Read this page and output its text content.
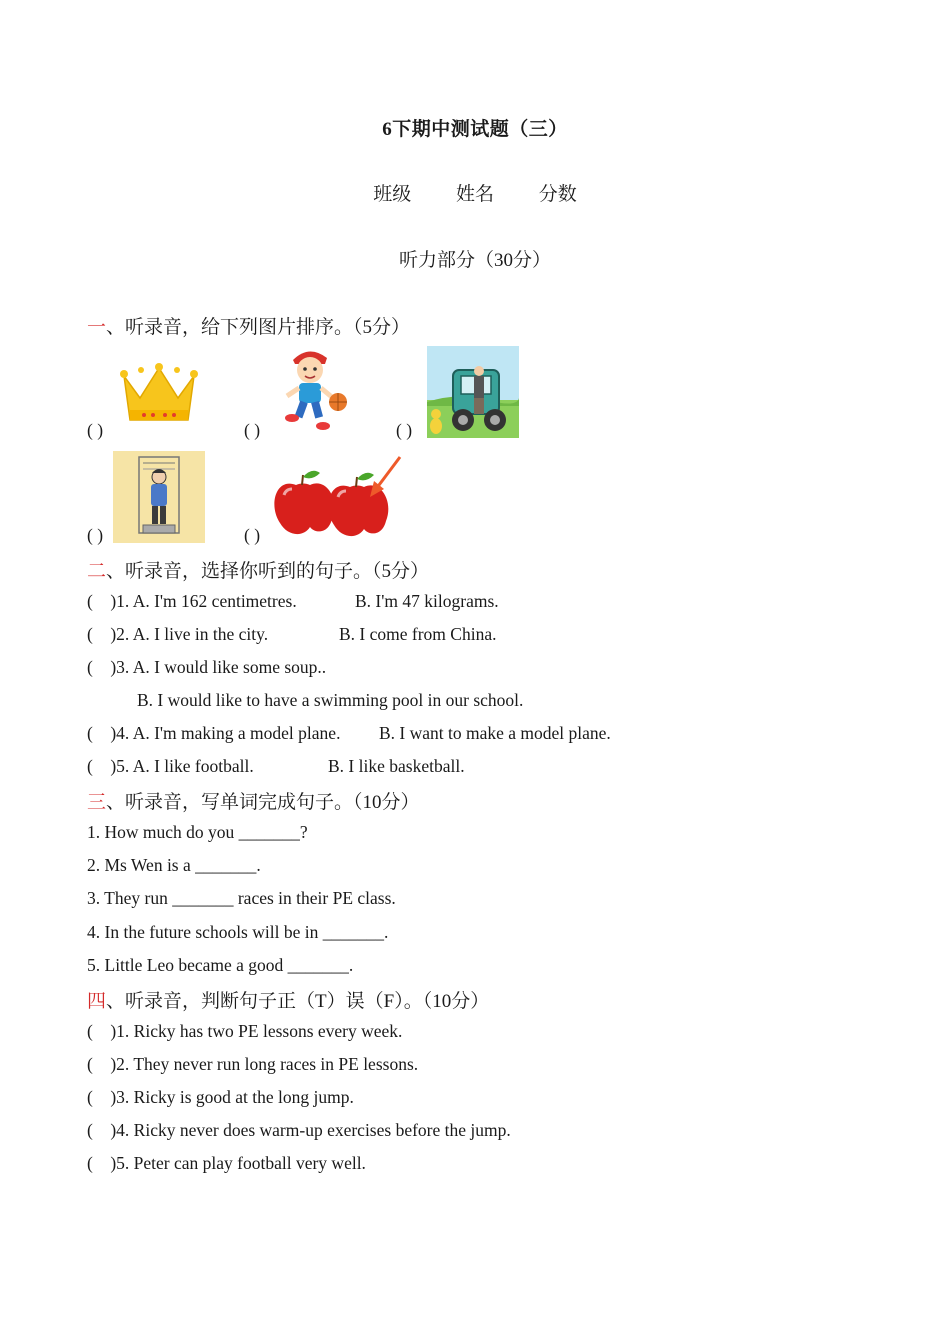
6下期中测试题（三）
班级 姓名 分数
听力部分（30分）
一、听录音，给下列图片排序。（5分）
( )	( )	( )
( )	( )
二、听录音，选择你听到的句子。（5分）
(    )1. A. I'm 162 centimetres.	B. I'm 47 kilograms.
(    )2. A. I live in the city.	B. I come from China.
(    )3. A. I would like some soup..
B. I would like to have a swimming pool in our school.
(    )4. A. I'm making a model plane. B. I want to make a model plane.
(    )5. A. I like football.	B. I like basketball.
三、听录音，写单词完成句子。（10分）
1. How much do you _______?
2. Ms Wen is a _______.
3. They run _______ races in their PE class.
4. In the future schools will be in _______.
5. Little Leo became a good _______.
四、听录音，判断句子正（T）误（F）。（10分）
(    )1. Ricky has two PE lessons every week.
(    )2. They never run long races in PE lessons.
(    )3. Ricky is good at the long jump.
(    )4. Ricky never does warm-up exercises before the jump.
(    )5. Peter can play football very well.
